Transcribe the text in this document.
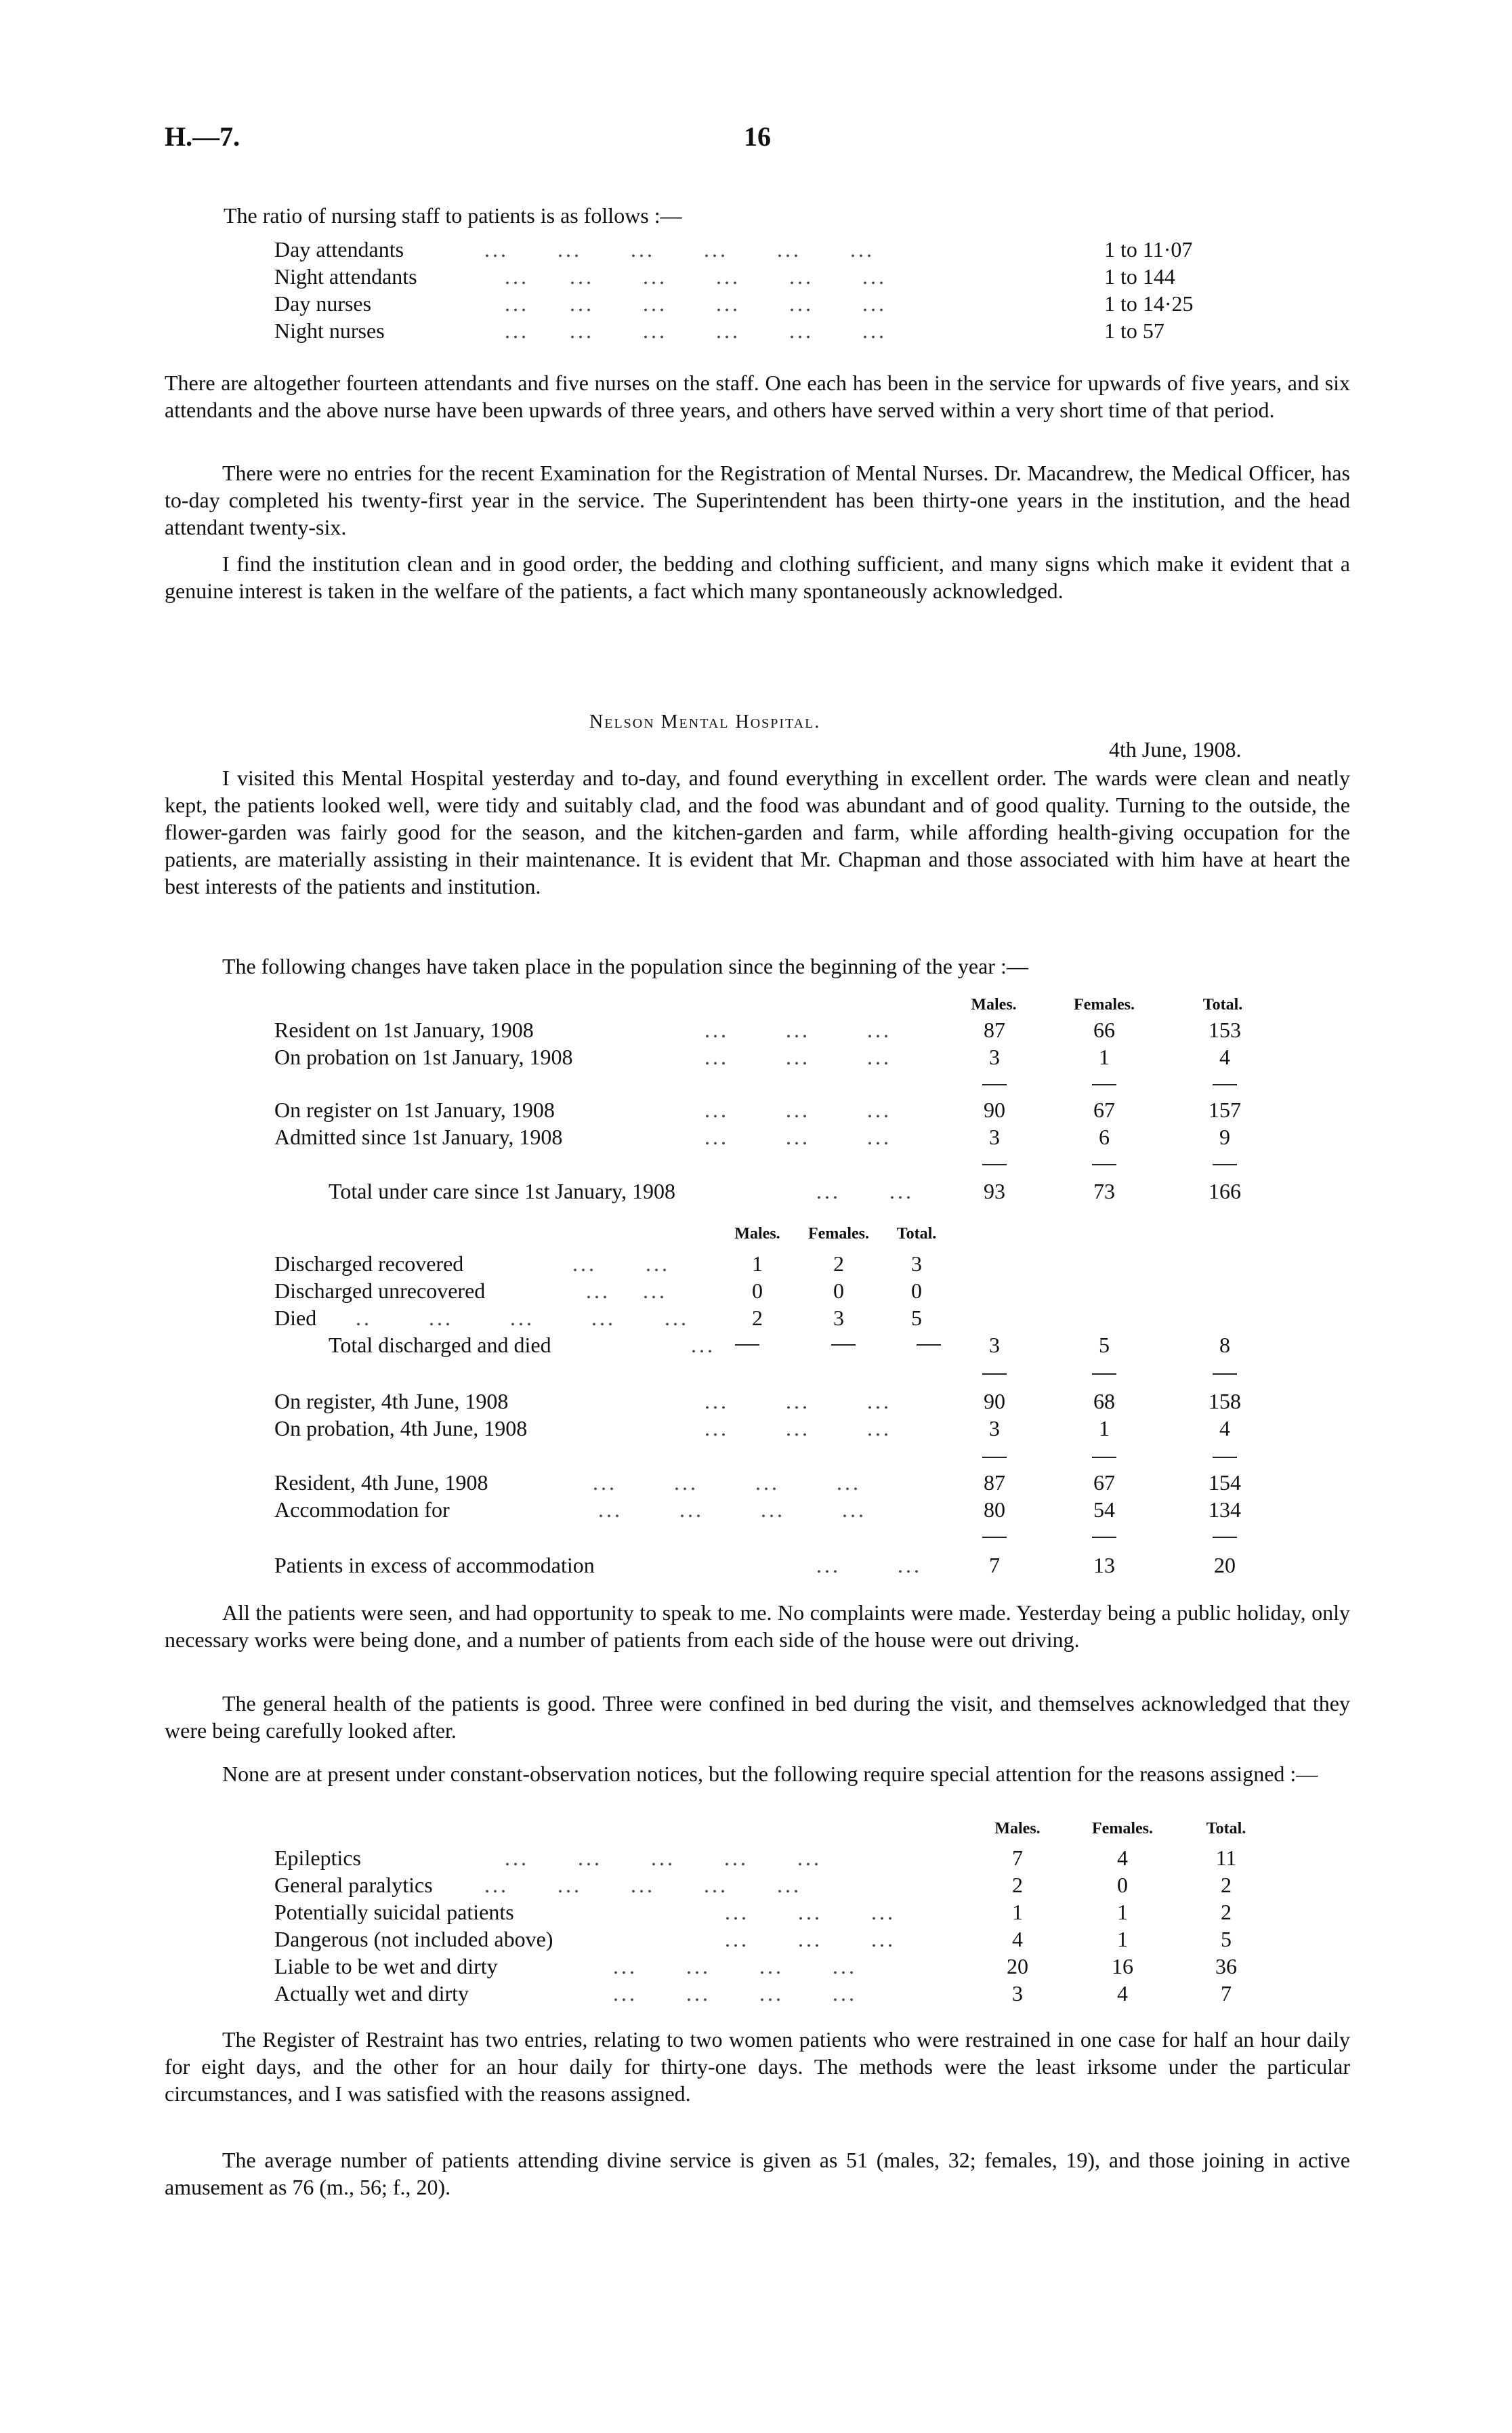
H.—7.	16
The ratio of nursing staff to patients is as follows :—
Day attendants	...      ...      ...      ...      ...      ...	1 to 11·07
Night attendants	...     ...      ...      ...      ...      ...	1 to 144
Day nurses	...     ...      ...      ...      ...      ...	1 to 14·25
Night nurses	...     ...      ...      ...      ...      ...	1 to 57

There are altogether fourteen attendants and five nurses on the staff. One each has been in the service for upwards of five years, and six attendants and the above nurse have been upwards of three years, and others have served within a very short time of that period.

There were no entries for the recent Examination for the Registration of Mental Nurses. Dr. Macandrew, the Medical Officer, has to-day completed his twenty-first year in the service. The Superintendent has been thirty-one years in the institution, and the head attendant twenty-six.

I find the institution clean and in good order, the bedding and clothing sufficient, and many signs which make it evident that a genuine interest is taken in the welfare of the patients, a fact which many spontaneously acknowledged.

Nelson Mental Hospital.
4th June, 1908.

I visited this Mental Hospital yesterday and to-day, and found everything in excellent order. The wards were clean and neatly kept, the patients looked well, were tidy and suitably clad, and the food was abundant and of good quality. Turning to the outside, the flower-garden was fairly good for the season, and the kitchen-garden and farm, while affording health-giving occupation for the patients, are materially assisting in their maintenance. It is evident that Mr. Chapman and those associated with him have at heart the best interests of the patients and institution.

The following changes have taken place in the population since the beginning of the year :—
Males.	Females.	Total.
Resident on 1st January, 1908	...       ...       ...	87	66	153
On probation on 1st January, 1908	...       ...       ...	3	1	4
On register on 1st January, 1908	...       ...       ...	90	67	157
Admitted since 1st January, 1908	...       ...       ...	3	6	9
Total under care since 1st January, 1908	...      ...	93	73	166
Males.	Females.	Total.
Discharged recovered	...      ...	1	2	3
Discharged unrecovered	...    ...	0	0	0
Died ..       ...       ...       ...      ...	2	3	5
Total discharged and died	...	3	5	8
On register, 4th June, 1908	...       ...       ...	90	68	158
On probation, 4th June, 1908	...       ...       ...	3	1	4
Resident, 4th June, 1908	...       ...       ...       ...	87	67	154
Accommodation for	...       ...       ...       ...	80	54	134
Patients in excess of accommodation	...       ...	7	13	20

All the patients were seen, and had opportunity to speak to me. No complaints were made. Yesterday being a public holiday, only necessary works were being done, and a number of patients from each side of the house were out driving.

The general health of the patients is good. Three were confined in bed during the visit, and themselves acknowledged that they were being carefully looked after.

None are at present under constant-observation notices, but the following require special attention for the reasons assigned :—

Males.	Females.	Total.
Epileptics	...      ...      ...      ...      ...	7	4	11
General paralytics ...      ...      ...      ...      ...	2	0	2
Potentially suicidal patients	...      ...      ...	1	1	2
Dangerous (not included above)	...      ...      ...	4	1	5
Liable to be wet and dirty	...      ...      ...      ...	20	16	36
Actually wet and dirty	...      ...      ...      ...	3	4	7

The Register of Restraint has two entries, relating to two women patients who were restrained in one case for half an hour daily for eight days, and the other for an hour daily for thirty-one days. The methods were the least irksome under the particular circumstances, and I was satisfied with the reasons assigned.

The average number of patients attending divine service is given as 51 (males, 32; females, 19), and those joining in active amusement as 76 (m., 56; f., 20).
